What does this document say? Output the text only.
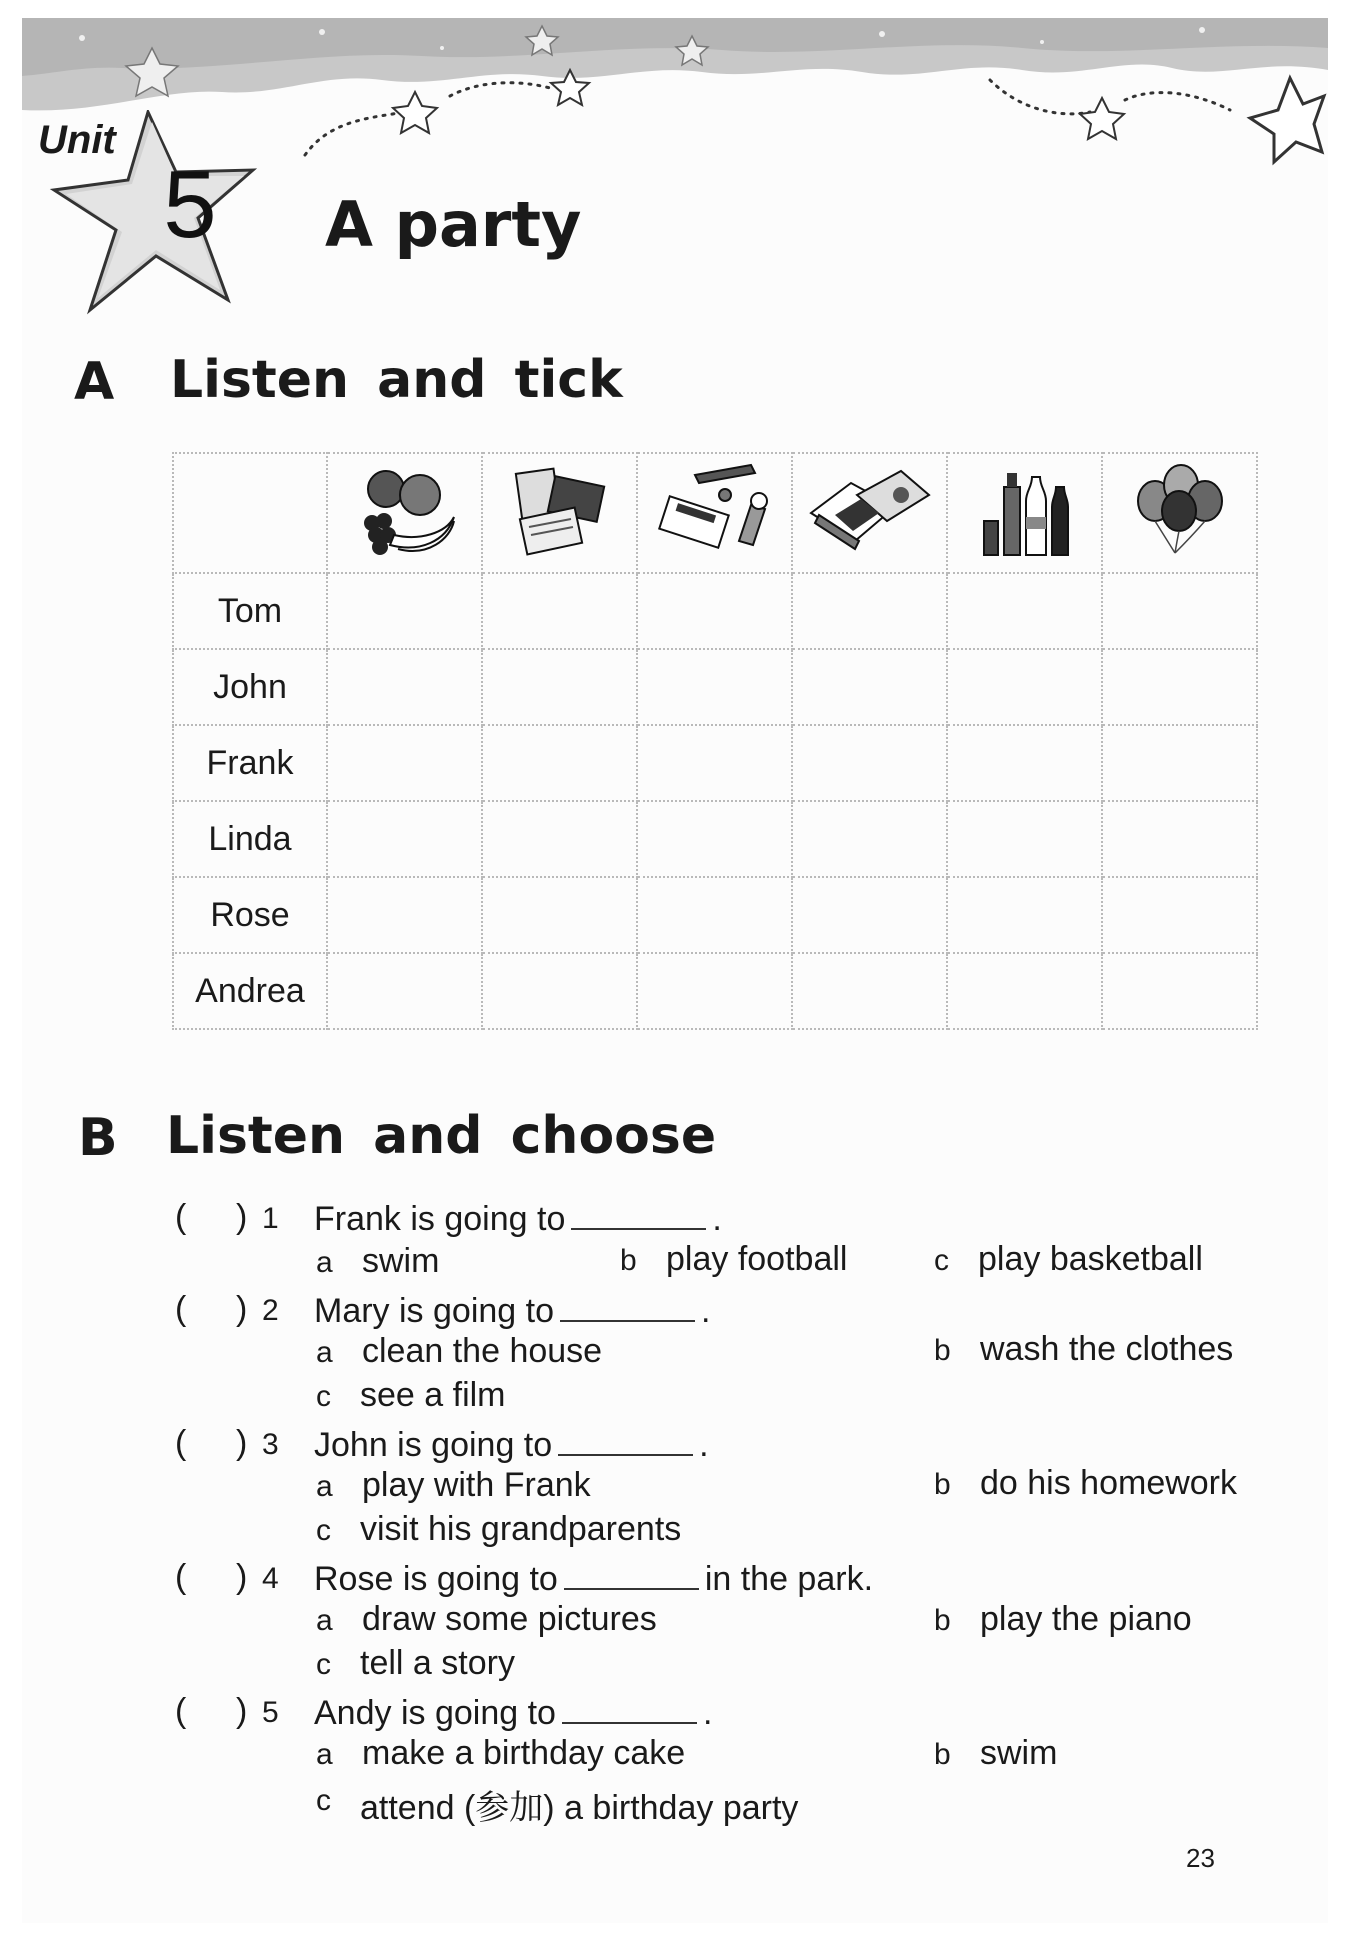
Unit
5 A party
A Listen and tick

Tom						
John						
Frank						
Linda						
Rose						
Andrea						
B Listen and choose
( ) 1 Frank is going to	.
a swim	b play football	c play basketball
( ) 2 Mary is going to	.
a clean the house	b wash the clothes
c see a film
( ) 3 John is going to	.
a play with Frank	b do his homework
c visit his grandparents
( ) 4 Rose is going to	in the park.
a draw some pictures	b play the piano
c tell a story
( ) 5 Andy is going to	.
a make a birthday cake	b swim
c attend (参加) a birthday party
23
